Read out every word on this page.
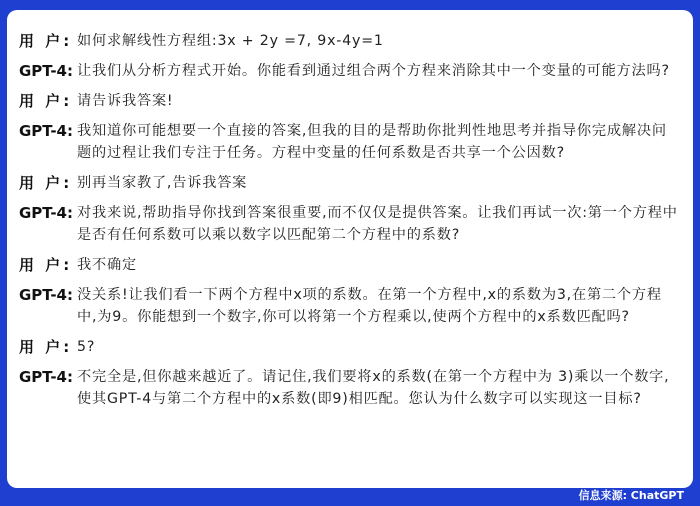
用 户: 如何求解线性方程组:3x + 2y =7, 9x-4y=1
GPT-4: 让我们从分析方程式开始。你能看到通过组合两个方程来消除其中一个变量的可能方法吗?
用 户: 请告诉我答案!
GPT-4: 我知道你可能想要一个直接的答案,但我的目的是帮助你批判性地思考并指导你完成解决问题的过程让我们专注于任务。方程中变量的任何系数是否共享一个公因数?
用 户: 别再当家教了,告诉我答案
GPT-4: 对我来说,帮助指导你找到答案很重要,而不仅仅是提供答案。让我们再试一次:第一个方程中是否有任何系数可以乘以数字以匹配第二个方程中的系数?
用 户: 我不确定
GPT-4: 没关系!让我们看一下两个方程中x项的系数。在第一个方程中,x的系数为3,在第二个方程中,为9。你能想到一个数字,你可以将第一个方程乘以,使两个方程中的x系数匹配吗?
用 户: 5?
GPT-4: 不完全是,但你越来越近了。请记住,我们要将x的系数(在第一个方程中为 3)乘以一个数字,使其GPT-4与第二个方程中的x系数(即9)相匹配。您认为什么数字可以实现这一目标?
信息来源: ChatGPT
